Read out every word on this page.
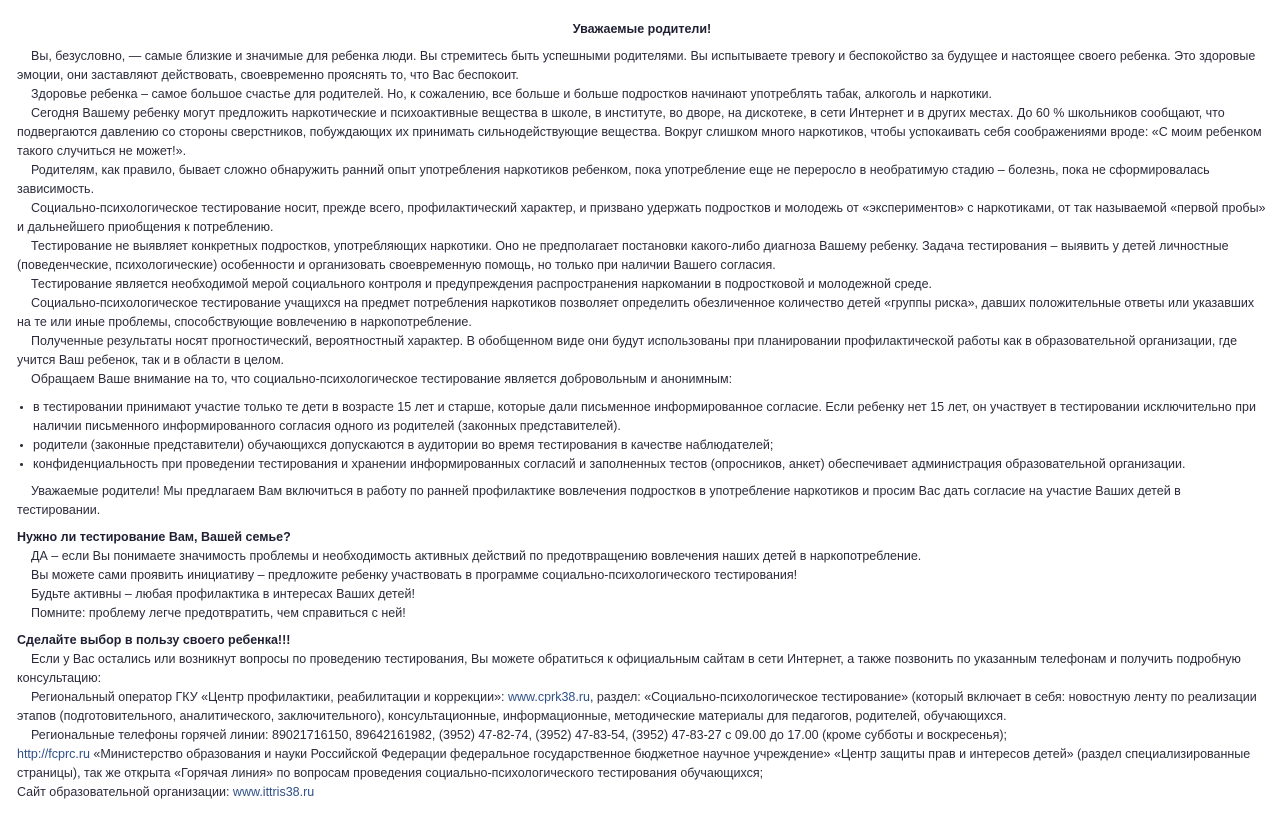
Уважаемые родители!

Вы, безусловно, — самые близкие и значимые для ребенка люди. Вы стремитесь быть успешными родителями. Вы испытываете тревогу и беспокойство за будущее и настоящее своего ребенка. Это здоровые эмоции, они заставляют действовать, своевременно прояснять то, что Вас беспокоит.

Здоровье ребенка – самое большое счастье для родителей. Но, к сожалению, все больше и больше подростков начинают употреблять табак, алкоголь и наркотики.

Сегодня Вашему ребенку могут предложить наркотические и психоактивные вещества в школе, в институте, во дворе, на дискотеке, в сети Интернет и в других местах. До 60 % школьников сообщают, что подвергаются давлению со стороны сверстников, побуждающих их принимать сильнодействующие вещества. Вокруг слишком много наркотиков, чтобы успокаивать себя соображениями вроде: «С моим ребенком такого случиться не может!».

Родителям, как правило, бывает сложно обнаружить ранний опыт употребления наркотиков ребенком, пока употребление еще не переросло в необратимую стадию – болезнь, пока не сформировалась зависимость.

Социально-психологическое тестирование носит, прежде всего, профилактический характер, и призвано удержать подростков и молодежь от «экспериментов» с наркотиками, от так называемой «первой пробы» и дальнейшего приобщения к потреблению.

Тестирование не выявляет конкретных подростков, употребляющих наркотики. Оно не предполагает постановки какого-либо диагноза Вашему ребенку. Задача тестирования – выявить у детей личностные (поведенческие, психологические) особенности и организовать своевременную помощь, но только при наличии Вашего согласия.

Тестирование является необходимой мерой социального контроля и предупреждения распространения наркомании в подростковой и молодежной среде.

Социально-психологическое тестирование учащихся на предмет потребления наркотиков позволяет определить обезличенное количество детей «группы риска», давших положительные ответы или указавших на те или иные проблемы, способствующие вовлечению в наркопотребление.

Полученные результаты носят прогностический, вероятностный характер. В обобщенном виде они будут использованы при планировании профилактической работы как в образовательной организации, где учится Ваш ребенок, так и в области в целом.

Обращаем Ваше внимание на то, что социально-психологическое тестирование является добровольным и анонимным:

• в тестировании принимают участие только те дети в возрасте 15 лет и старше, которые дали письменное информированное согласие. Если ребенку нет 15 лет, он участвует в тестировании исключительно при наличии письменного информированного согласия одного из родителей (законных представителей).
• родители (законные представители) обучающихся допускаются в аудитории во время тестирования в качестве наблюдателей;
• конфиденциальность при проведении тестирования и хранении информированных согласий и заполненных тестов (опросников, анкет) обеспечивает администрация образовательной организации.

Уважаемые родители! Мы предлагаем Вам включиться в работу по ранней профилактике вовлечения подростков в употребление наркотиков и просим Вас дать согласие на участие Ваших детей в тестировании.

Нужно ли тестирование Вам, Вашей семье?

ДА – если Вы понимаете значимость проблемы и необходимость активных действий по предотвращению вовлечения наших детей в наркопотребление.

Вы можете сами проявить инициативу – предложите ребенку участвовать в программе социально-психологического тестирования!

Будьте активны – любая профилактика в интересах Ваших детей!

Помните: проблему легче предотвратить, чем справиться с ней!

Сделайте выбор в пользу своего ребенка!!!

Если у Вас остались или возникнут вопросы по проведению тестирования, Вы можете обратиться к официальным сайтам в сети Интернет, а также позвонить по указанным телефонам и получить подробную консультацию:

Региональный оператор ГКУ «Центр профилактики, реабилитации и коррекции»: www.cprk38.ru, раздел: «Социально-психологическое тестирование» (который включает в себя: новостную ленту по реализации этапов (подготовительного, аналитического, заключительного), консультационные, информационные, методические материалы для педагогов, родителей, обучающихся.

Региональные телефоны горячей линии: 89021716150, 89642161982, (3952) 47-82-74, (3952) 47-83-54, (3952) 47-83-27 с 09.00 до 17.00 (кроме субботы и воскресенья);

http://fcprc.ru «Министерство образования и науки Российской Федерации федеральное государственное бюджетное научное учреждение» «Центр защиты прав и интересов детей» (раздел специализированные страницы), так же открыта «Горячая линия» по вопросам проведения социально-психологического тестирования обучающихся;

Сайт образовательной организации: www.ittris38.ru
